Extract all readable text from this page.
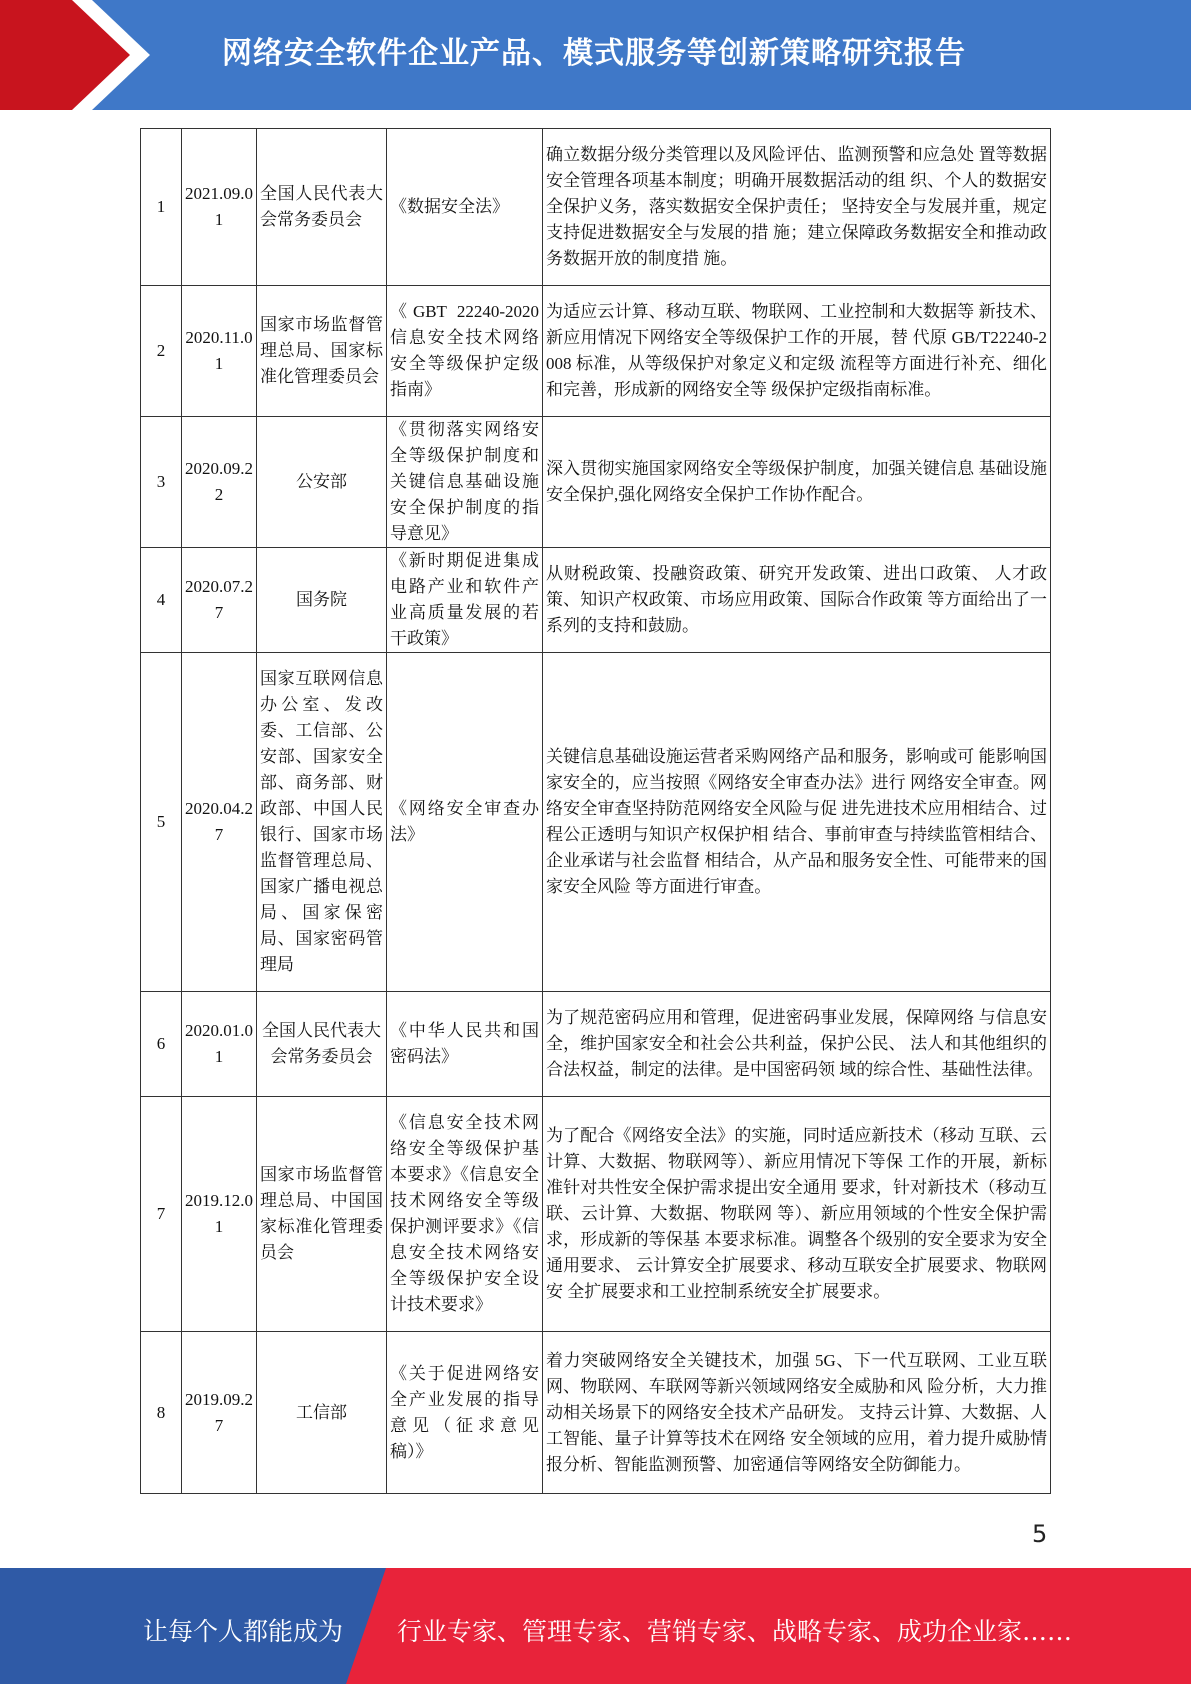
网络安全软件企业产品、模式服务等创新策略研究报告
1	2021.09.01	全国人民代表大会常务委员会	《数据安全法》	确立数据分级分类管理以及风险评估、监测预警和应急处 置等数据安全管理各项基本制度；明确开展数据活动的组 织、个人的数据安全保护义务，落实数据安全保护责任； 坚持安全与发展并重，规定支持促进数据安全与发展的措 施；建立保障政务数据安全和推动政务数据开放的制度措 施。
2	2020.11.01	国家市场监督管理总局、国家标准化管理委员会	《GBT 22240-2020 信息安全技术网络安全等级保护定级指南》	为适应云计算、移动互联、物联网、工业控制和大数据等 新技术、新应用情况下网络安全等级保护工作的开展，替 代原 GB/T22240-2008 标准，从等级保护对象定义和定级 流程等方面进行补充、细化和完善，形成新的网络安全等 级保护定级指南标准。
3	2020.09.22	公安部	《贯彻落实网络安全等级保护制度和关键信息基础设施安全保护制度的指导意见》	深入贯彻实施国家网络安全等级保护制度，加强关键信息 基础设施安全保护,强化网络安全保护工作协作配合。
4	2020.07.27	国务院	《新时期促进集成电路产业和软件产业高质量发展的若干政策》	从财税政策、投融资政策、研究开发政策、进出口政策、 人才政策、知识产权政策、市场应用政策、国际合作政策 等方面给出了一系列的支持和鼓励。
5	2020.04.27	国家互联网信息办公室、发改委、工信部、公安部、国家安全部、商务部、财政部、中国人民银行、国家市场监督管理总局、国家广播电视总局、国家保密局、国家密码管理局	《网络安全审查办法》	关键信息基础设施运营者采购网络产品和服务，影响或可 能影响国家安全的，应当按照《网络安全审查办法》进行 网络安全审查。网络安全审查坚持防范网络安全风险与促 进先进技术应用相结合、过程公正透明与知识产权保护相 结合、事前审查与持续监管相结合、企业承诺与社会监督 相结合，从产品和服务安全性、可能带来的国家安全风险 等方面进行审查。
6	2020.01.01	全国人民代表大会常务委员会	《中华人民共和国密码法》	为了规范密码应用和管理，促进密码事业发展，保障网络 与信息安全，维护国家安全和社会公共利益，保护公民、 法人和其他组织的合法权益，制定的法律。是中国密码领 域的综合性、基础性法律。
7	2019.12.01	国家市场监督管理总局、中国国家标准化管理委员会	《信息安全技术网络安全等级保护基本要求》《信息安全技术网络安全等级保护测评要求》《信息安全技术网络安全等级保护安全设计技术要求》	为了配合《网络安全法》的实施，同时适应新技术（移动 互联、云计算、大数据、物联网等）、新应用情况下等保 工作的开展，新标准针对共性安全保护需求提出安全通用 要求，针对新技术（移动互联、云计算、大数据、物联网 等）、新应用领域的个性安全保护需求，形成新的等保基 本要求标准。调整各个级别的安全要求为安全通用要求、 云计算安全扩展要求、移动互联安全扩展要求、物联网安 全扩展要求和工业控制系统安全扩展要求。
8	2019.09.27	工信部	《关于促进网络安全产业发展的指导意见（征求意见稿）》	着力突破网络安全关键技术，加强 5G、下一代互联网、工业互联网、物联网、车联网等新兴领域网络安全威胁和风 险分析，大力推动相关场景下的网络安全技术产品研发。 支持云计算、大数据、人工智能、量子计算等技术在网络 安全领域的应用，着力提升威胁情报分析、智能监测预警、加密通信等网络安全防御能力。
5
让每个人都能成为 行业专家、管理专家、营销专家、战略专家、成功企业家……
